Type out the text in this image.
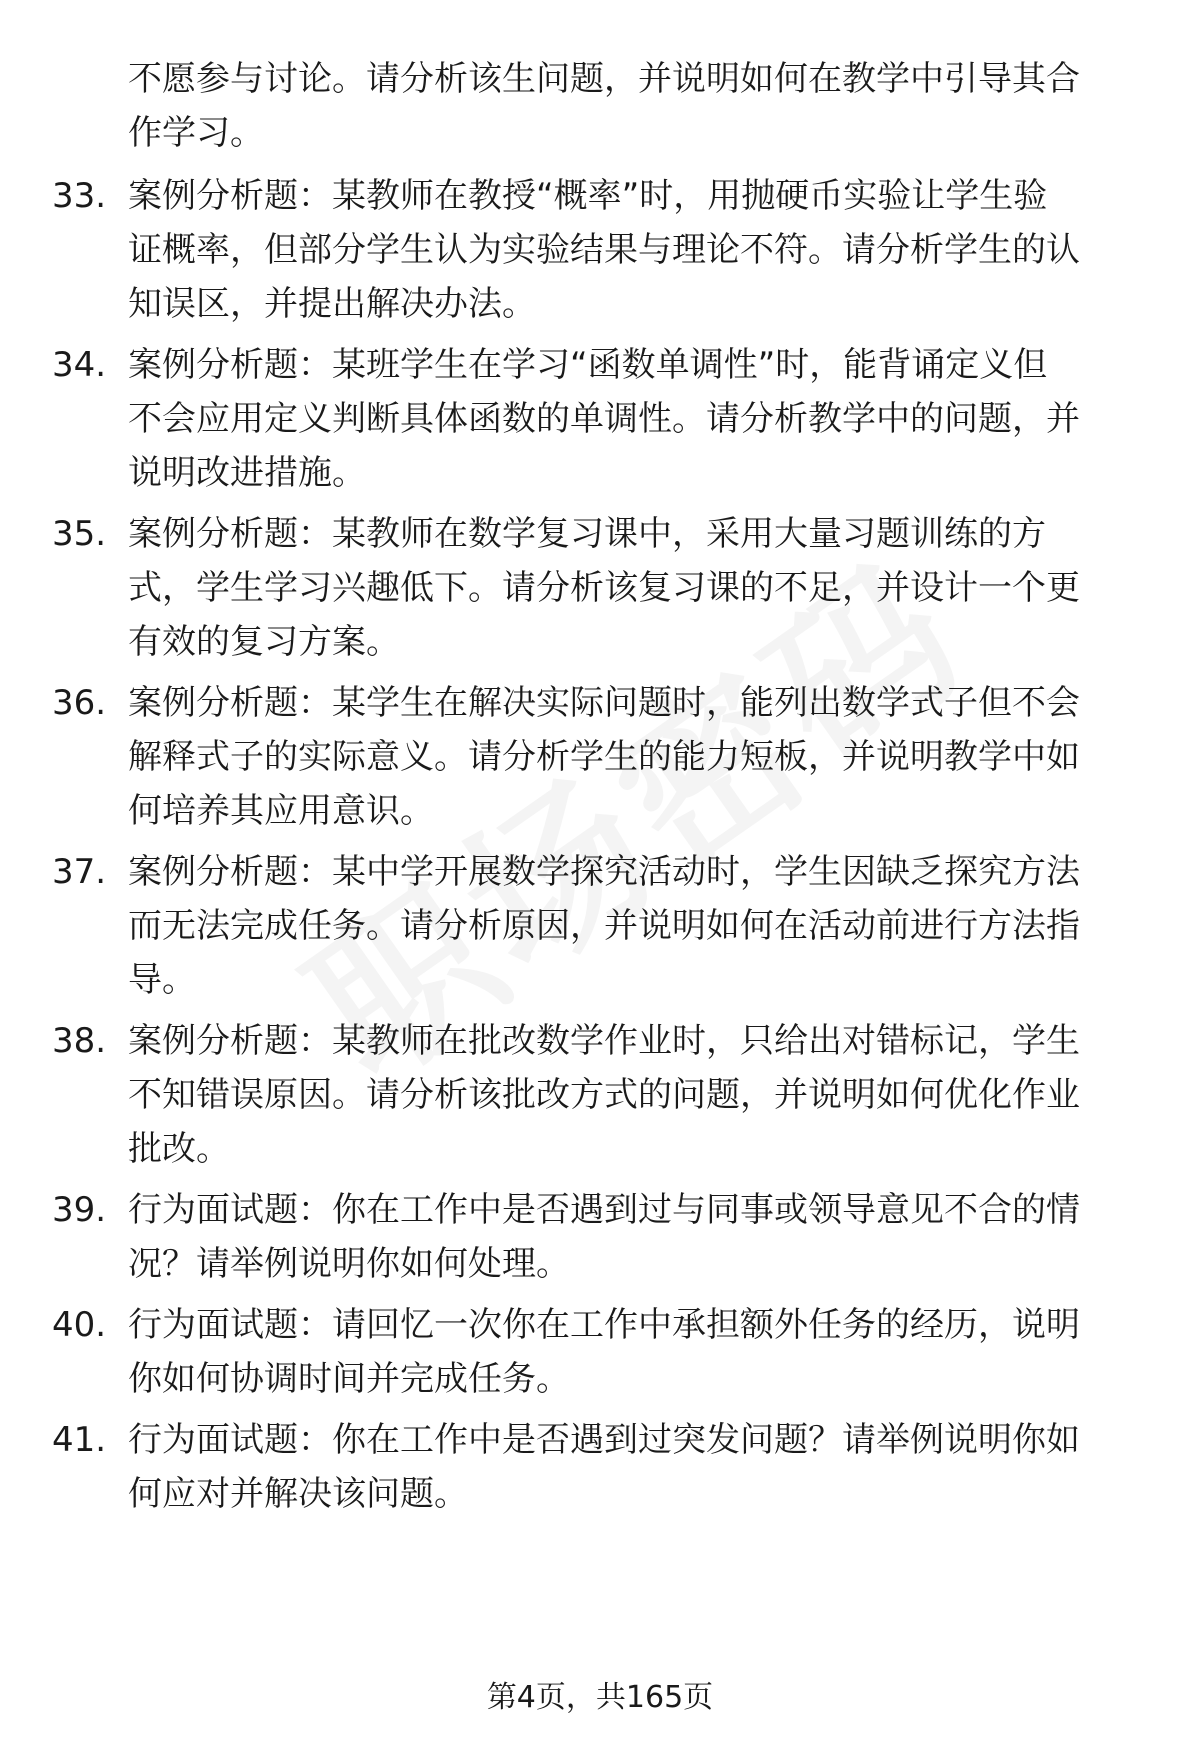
不愿参与讨论。请分析该生问题，并说明如何在教学中引导其合
作学习。
33. 案例分析题：某教师在教授“概率”时，用抛硬币实验让学生验
证概率，但部分学生认为实验结果与理论不符。请分析学生的认
知误区，并提出解决办法。
34. 案例分析题：某班学生在学习“函数单调性”时，能背诵定义但
不会应用定义判断具体函数的单调性。请分析教学中的问题，并
说明改进措施。
35. 案例分析题：某教师在数学复习课中，采用大量习题训练的方
式，学生学习兴趣低下。请分析该复习课的不足，并设计一个更
有效的复习方案。
36. 案例分析题：某学生在解决实际问题时，能列出数学式子但不会
解释式子的实际意义。请分析学生的能力短板，并说明教学中如
何培养其应用意识。
37. 案例分析题：某中学开展数学探究活动时，学生因缺乏探究方法
而无法完成任务。请分析原因，并说明如何在活动前进行方法指
导。
38. 案例分析题：某教师在批改数学作业时，只给出对错标记，学生
不知错误原因。请分析该批改方式的问题，并说明如何优化作业
批改。
39. 行为面试题：你在工作中是否遇到过与同事或领导意见不合的情
况？请举例说明你如何处理。
40. 行为面试题：请回忆一次你在工作中承担额外任务的经历，说明
你如何协调时间并完成任务。
41. 行为面试题：你在工作中是否遇到过突发问题？请举例说明你如
何应对并解决该问题。
第4页，共165页
